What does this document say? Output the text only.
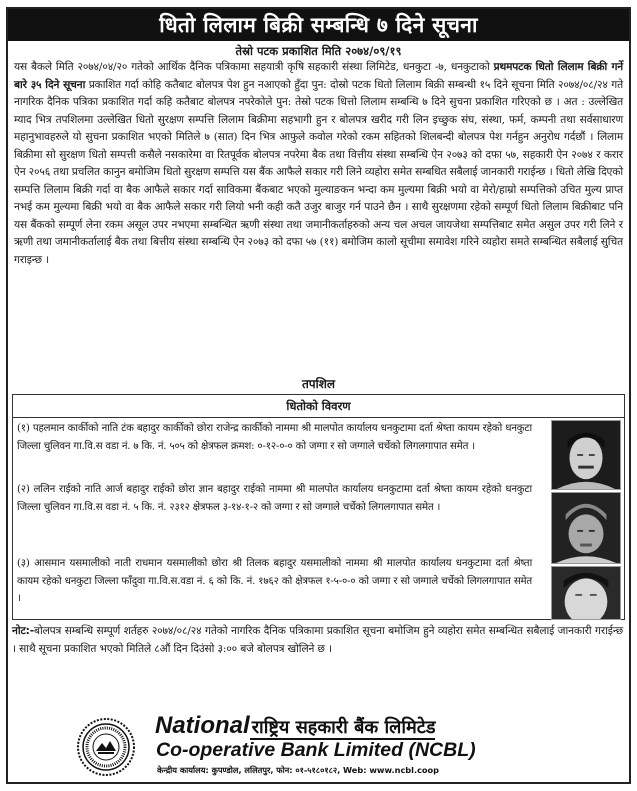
धितो लिलाम बिक्री सम्बन्धि ७ दिने सूचना
तेस्रो पटक प्रकाशित मिति २०७४/०९/१९
यस बैकले मिति २०७४/०४/२० गतेको आर्थिक दैनिक पत्रिकामा सहयात्री कृषि सहकारी संस्था लिमिटेड, धनकुटा -७, धनकुटाको प्रथमपटक धितो लिलाम बिक्री गर्ने बारे ३५ दिने सूचना प्रकाशित गर्दा कोहि कतैबाट बोलपत्र पेश हुन नआएको हुँदा पुन: दोस्रो पटक धितो लिलाम बिक्री सम्बन्धी १५ दिने सूचना मिति २०७४/०८/२४ गते नागरिक दैनिक पत्रिका प्रकाशित गर्दा कहि कतैबाट बोलपत्र नपरेकोले पुन: तेस्रो पटक धित्तो लिलाम सम्बन्धि ७ दिने सुचना प्रकाशित गरिएको छ । अत : उल्लेखित म्याद भित्र तपशिलमा उल्लेखित धितो सुरक्षण सम्पत्ति लिलाम बिक्रीमा सहभागी हुन र बोलपत्र खरीद गरी लिन इच्छुक संघ, संस्था, फर्म, कम्पनी तथा सर्वसाधारण महानुभावहरुले यो सुचना प्रकाशित भएको मितिले ७ (सात) दिन भित्र आफुले कवोल गरेको रकम सहितको शिलबन्दी बोलपत्र पेश गर्नहुन अनुरोध गर्दछौं । लिलाम बिक्रीमा सो सुरक्षण धितो सम्पत्ती कसैले नसकारेमा वा रितपूर्वक बोलपत्र नपरेमा बैक तथा वित्तीय संस्था सम्बन्धि ऐन २०७३ को दफा ५७, सहकारी ऐन २०७४ र करार ऐन २०५६ तथा प्रचलित कानुन बमोजिम धितो सुरक्षण सम्पत्ति यस बैंक आफैले सकार गरी लिने व्यहोरा समेत सम्बधित सबैलाई जानकारी गराईन्छ । धितो लेखि दिएको सम्पत्ति लिलाम बिक्री गर्दा वा बैक आफैले सकार गर्दा साविकमा बैंकबाट भएको मुल्याङकन भन्दा कम मुल्यमा बिक्री भयो वा मेरो/हाम्रो सम्पत्तिको उचित मुल्य प्राप्त नभई कम मुल्यमा बिक्री भयो वा बैक आफैले सकार गरी लियो भनी कही कतै उजुर बाजुर गर्न पाउने छैन । साथै सुरक्षणमा रहेको सम्पूर्ण धितो लिलाम बिक्रीबाट पनि यस बैंकको सम्पूर्ण लेना रकम असूल उपर नभएमा सम्बन्धित ऋणी संस्था तथा जमानीकर्ताहरुको अन्य चल अचल जायजेथा सम्पत्तिबाट समेत असुल उपर गरी लिने र ऋणी तथा जमानीकर्तालाई बैक तथा बित्तीय संस्था सम्बन्धि ऐन २०७३ को दफा ५७ (११) बमोजिम कालो सूचीमा समावेश गरिने व्यहोरा समते सम्बन्धित सबैलाई सुचित गराइन्छ ।
तपशिल
धितोको विवरण
(१) पहलमान कार्कीको नाति टंक बहादुर कार्कीको छोरा राजेन्द्र कार्कीको नाममा श्री मालपोत कार्यालय धनकुटामा दर्ता श्रेष्ता कायम रहेको धनकुटा जिल्ला चुलिवन गा.वि.स वडा नं. ७ कि. नं. ५०५ को क्षेत्रफल क्रमश: ०-१२-०-० को जग्गा र सो जग्गाले चर्चेको लिगलगापात समेत ।
(२) ललिन राईको नाति आर्ज बहादुर राईको छोरा ज्ञान बहादुर राईको नाममा श्री मालपोत कार्यालय धनकुटामा दर्ता श्रेष्ता कायम रहेको धनकुटा जिल्ला चुलिवन गा.वि.स वडा नं. ५ कि. नं. २३१२ क्षेत्रफल ३-१४-१-२ को जग्गा र सो जग्गाले चर्चेको लिगलगापात समेत ।
(३) आसमान यसमालीको नाती राधमान यसमालीको छोरा श्री तिलक बहादुर यसमालीको नाममा श्री मालपोत कार्यालय धनकुटामा दर्ता श्रेष्ता कायम रहेको धनकुटा जिल्ला फाँदुवा गा.वि.स.वडा नं. ६ को कि. नं. १७६२ को क्षेत्रफल १-५-०-० को जग्गा र सो जग्गाले चर्चेको लिगलगापात समेत ।
नोट:-बोलपत्र सम्बन्धि सम्पूर्ण शर्तहरु २०७४/०८/२४ गतेको नागरिक दैनिक पत्रिकामा प्रकाशित सूचना बमोजिम हुने व्यहोरा समेत सम्बन्धित सबैलाई जानकारी गराईन्छ । साथै सूचना प्रकाशित भएको मितिले ८औं दिन दिउंसो ३:०० बजे बोलपत्र खोलिने छ ।
National राष्ट्रिय सहकारी बैंक लिमिटेड
Co-operative Bank Limited (NCBL)
केन्द्रीय कार्यालय: कुपण्डोल, ललितपुर, फोन: ०१-५१८०१८२, Web: www.ncbl.coop
